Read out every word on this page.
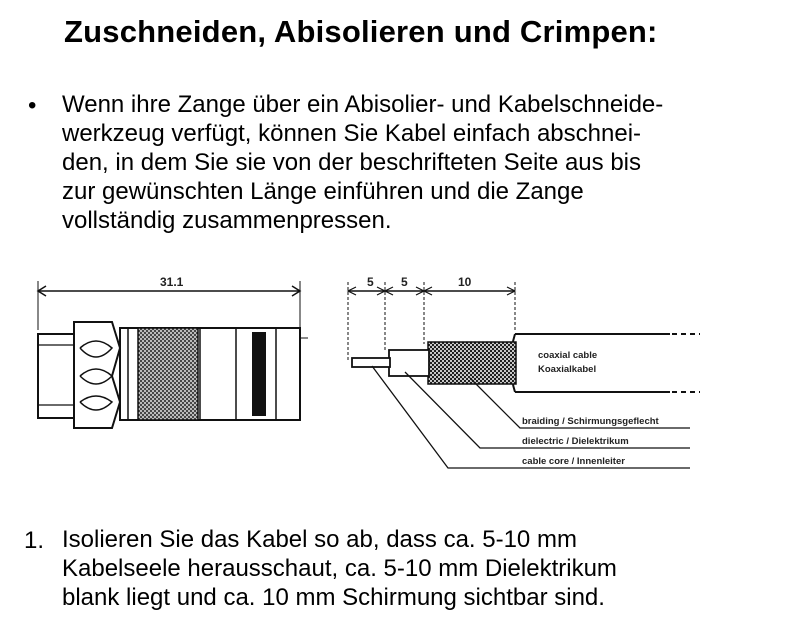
Zuschneiden, Abisolieren und Crimpen:
• Wenn ihre Zange über ein Abisolier- und Kabelschneide-
werkzeug verfügt, können Sie Kabel einfach abschnei-
den, in dem Sie sie von der beschrifteten Seite aus bis
zur gewünschten Länge einführen und die Zange
vollständig zusammenpressen.
31.1	5 5	10
coaxial cable
Koaxialkabel
braiding / Schirmungsgeflecht
dielectric / Dielektrikum
cable core / Innenleiter
1. Isolieren Sie das Kabel so ab, dass ca. 5-10 mm
Kabelseele herausschaut, ca. 5-10 mm Dielektrikum
blank liegt und ca. 10 mm Schirmung sichtbar sind.
